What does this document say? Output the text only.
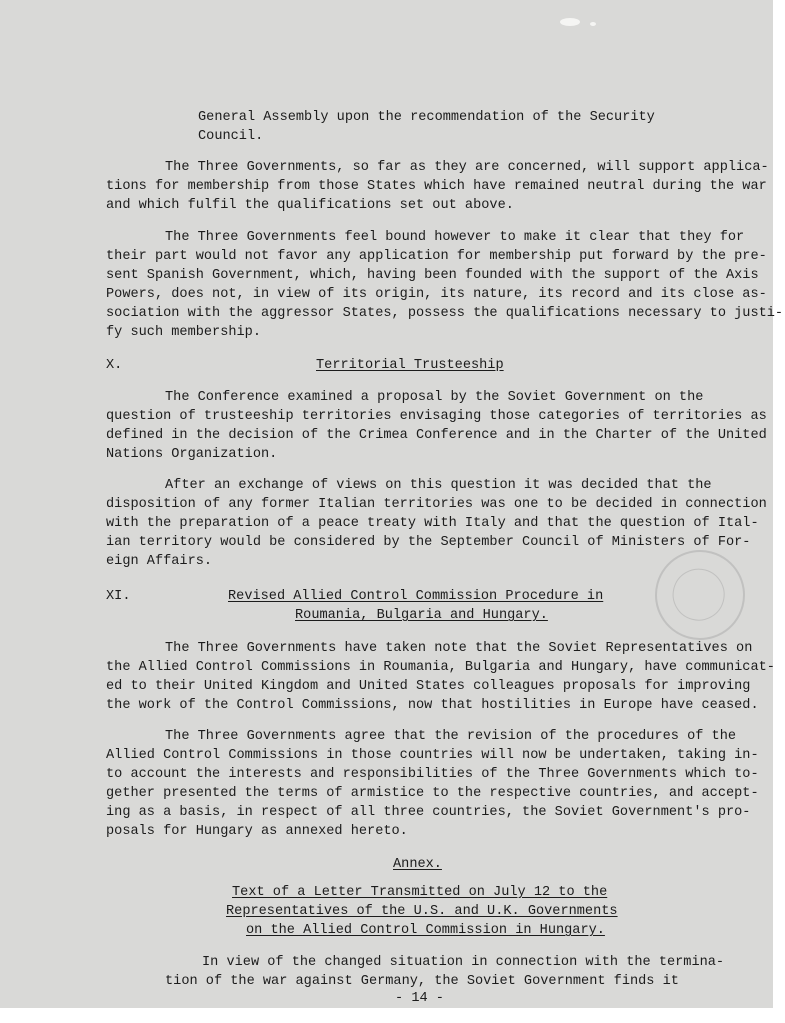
General Assembly upon the recommendation of the Security
Council.
The Three Governments, so far as they are concerned, will support applica-
tions for membership from those States which have remained neutral during the war
and which fulfil the qualifications set out above.
The Three Governments feel bound however to make it clear that they for
their part would not favor any application for membership put forward by the pre-
sent Spanish Government, which, having been founded with the support of the Axis
Powers, does not, in view of its origin, its nature, its record and its close as-
sociation with the aggressor States, possess the qualifications necessary to justi-
fy such membership.
X.	Territorial Trusteeship
The Conference examined a proposal by the Soviet Government on the
question of trusteeship territories envisaging those categories of territories as
defined in the decision of the Crimea Conference and in the Charter of the United
Nations Organization.
After an exchange of views on this question it was decided that the
disposition of any former Italian territories was one to be decided in connection
with the preparation of a peace treaty with Italy and that the question of Ital-
ian territory would be considered by the September Council of Ministers of For-
eign Affairs.
XI.	Revised Allied Control Commission Procedure in
Roumania, Bulgaria and Hungary.
The Three Governments have taken note that the Soviet Representatives on
the Allied Control Commissions in Roumania, Bulgaria and Hungary, have communicat-
ed to their United Kingdom and United States colleagues proposals for improving
the work of the Control Commissions, now that hostilities in Europe have ceased.
The Three Governments agree that the revision of the procedures of the
Allied Control Commissions in those countries will now be undertaken, taking in-
to account the interests and responsibilities of the Three Governments which to-
gether presented the terms of armistice to the respective countries, and accept-
ing as a basis, in respect of all three countries, the Soviet Government's pro-
posals for Hungary as annexed hereto.
Annex.
Text of a Letter Transmitted on July 12 to the
Representatives of the U.S. and U.K. Governments
on the Allied Control Commission in Hungary.
In view of the changed situation in connection with the termina-
tion of the war against Germany, the Soviet Government finds it
- 14 -
